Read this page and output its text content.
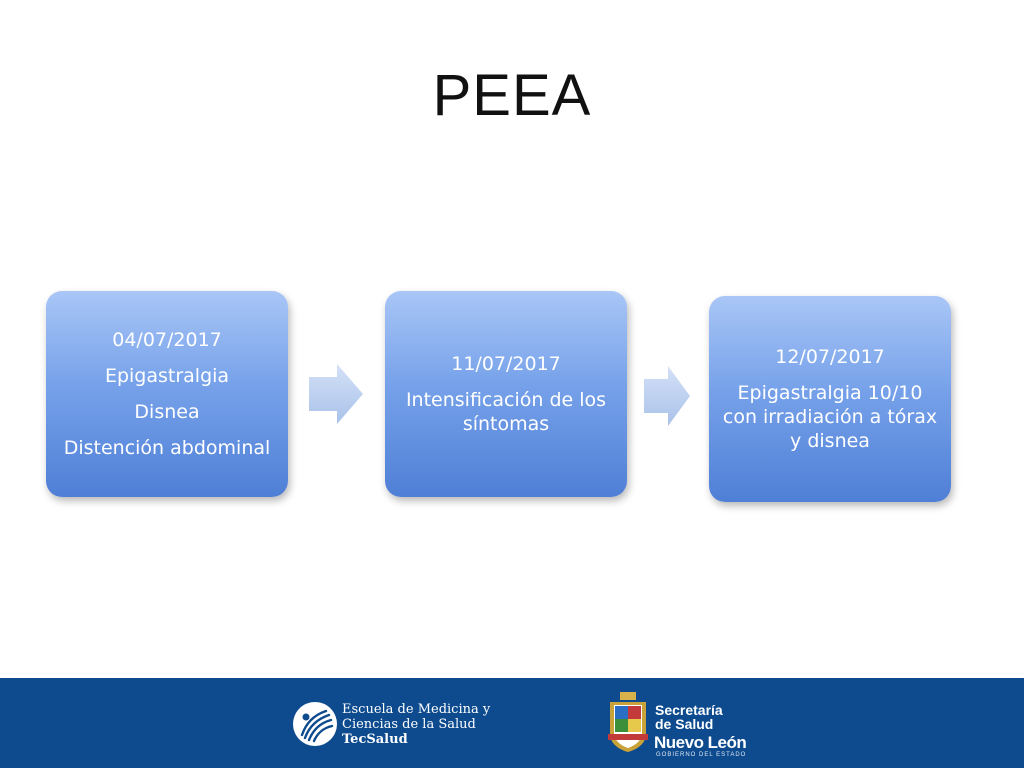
PEEA
04/07/2017
Epigastralgia
Disnea
Distención abdominal
11/07/2017
Intensificación de los síntomas
12/07/2017
Epigastralgia 10/10 con irradiación a tórax y disnea
Escuela de Medicina y
Ciencias de la Salud
TecSalud
Secretaría
de Salud
Nuevo León
GOBIERNO DEL ESTADO
